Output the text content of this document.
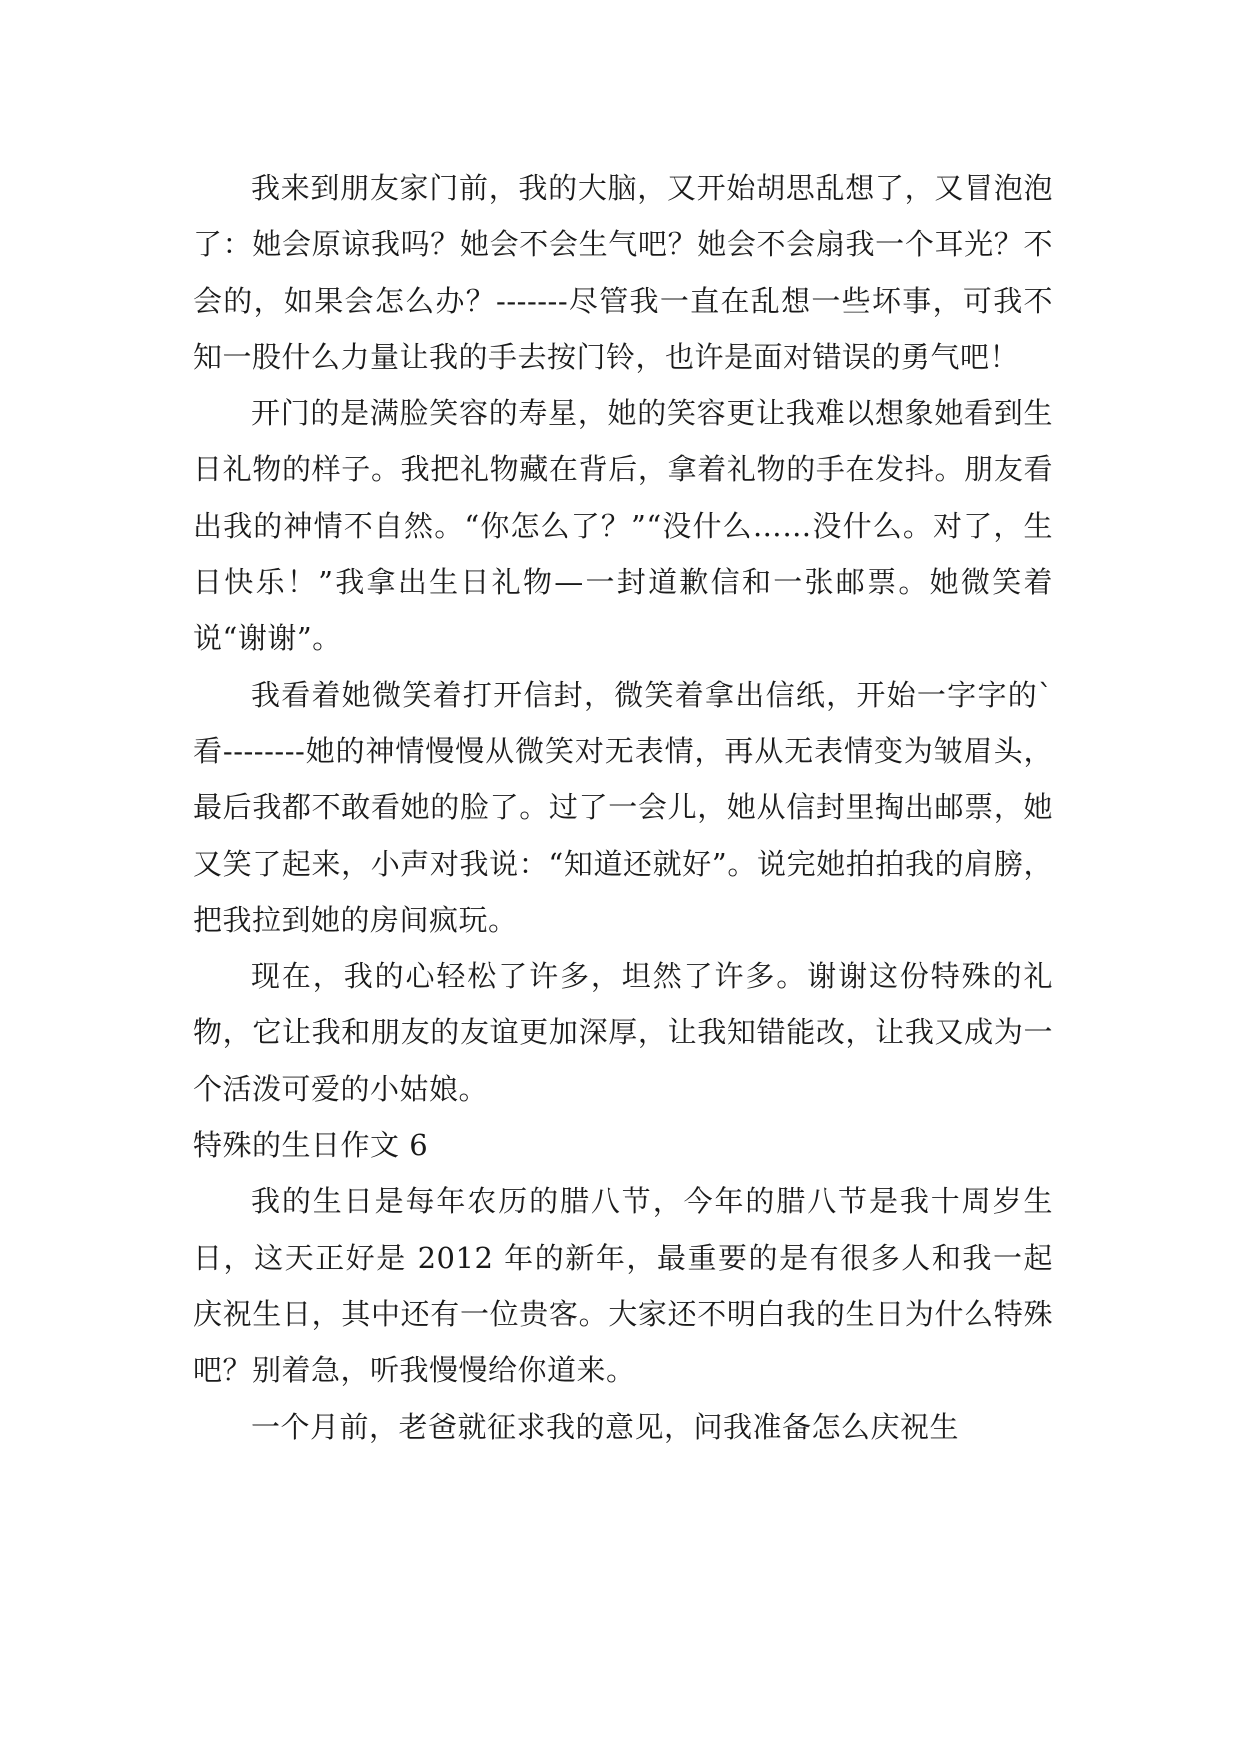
我来到朋友家门前，我的大脑，又开始胡思乱想了，又冒泡泡了：她会原谅我吗？她会不会生气吧？她会不会扇我一个耳光？不会的，如果会怎么办？-------尽管我一直在乱想一些坏事，可我不知一股什么力量让我的手去按门铃，也许是面对错误的勇气吧！

开门的是满脸笑容的寿星，她的笑容更让我难以想象她看到生日礼物的样子。我把礼物藏在背后，拿着礼物的手在发抖。朋友看出我的神情不自然。“你怎么了？”“没什么……没什么。对了，生日快乐！”我拿出生日礼物—一封道歉信和一张邮票。她微笑着说“谢谢”。

我看着她微笑着打开信封，微笑着拿出信纸，开始一字字的`看--------她的神情慢慢从微笑对无表情，再从无表情变为皱眉头，最后我都不敢看她的脸了。过了一会儿，她从信封里掏出邮票，她又笑了起来，小声对我说：“知道还就好”。说完她拍拍我的肩膀，把我拉到她的房间疯玩。

现在，我的心轻松了许多，坦然了许多。谢谢这份特殊的礼物，它让我和朋友的友谊更加深厚，让我知错能改，让我又成为一个活泼可爱的小姑娘。

特殊的生日作文 6

我的生日是每年农历的腊八节，今年的腊八节是我十周岁生日，这天正好是 2012 年的新年，最重要的是有很多人和我一起庆祝生日，其中还有一位贵客。大家还不明白我的生日为什么特殊吧？别着急，听我慢慢给你道来。

一个月前，老爸就征求我的意见，问我准备怎么庆祝生
